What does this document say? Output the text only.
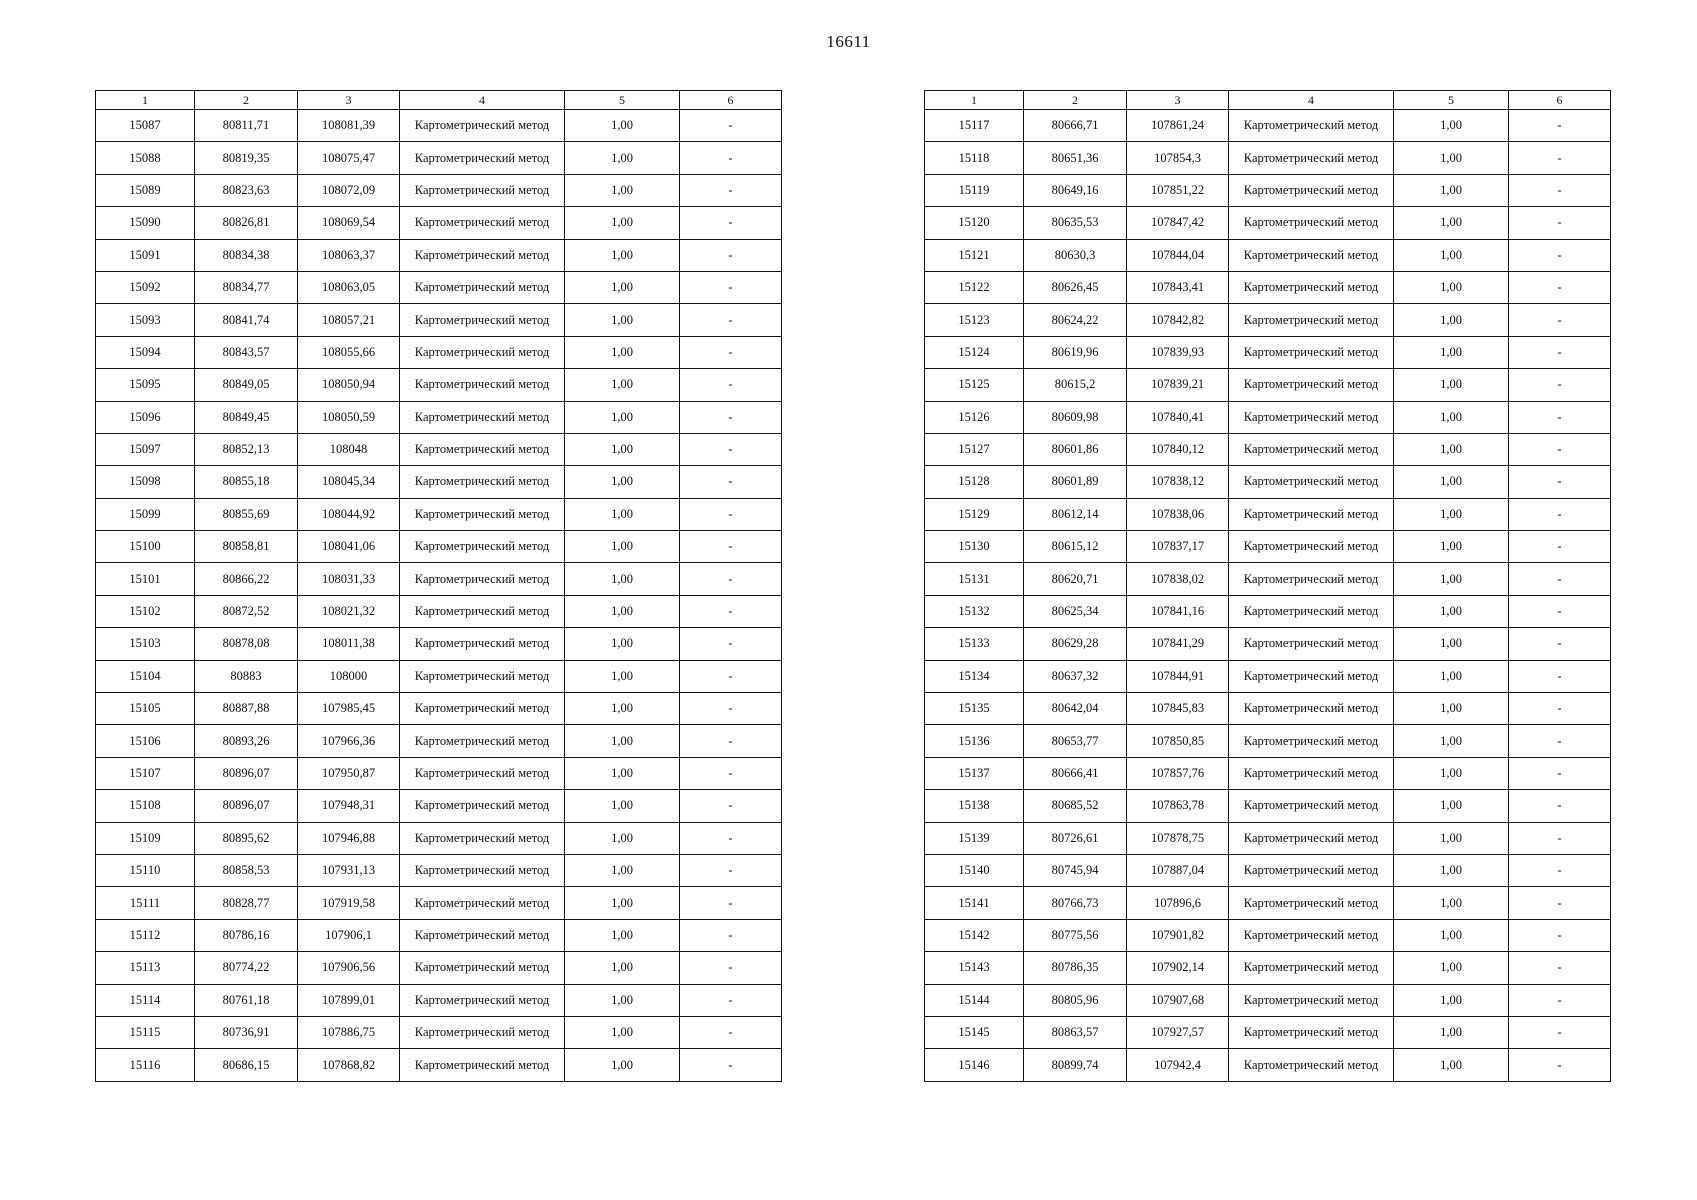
16611
1	2	3	4	5	6
15087	80811,71	108081,39	Картометрический метод	1,00	-
15088	80819,35	108075,47	Картометрический метод	1,00	-
15089	80823,63	108072,09	Картометрический метод	1,00	-
15090	80826,81	108069,54	Картометрический метод	1,00	-
15091	80834,38	108063,37	Картометрический метод	1,00	-
15092	80834,77	108063,05	Картометрический метод	1,00	-
15093	80841,74	108057,21	Картометрический метод	1,00	-
15094	80843,57	108055,66	Картометрический метод	1,00	-
15095	80849,05	108050,94	Картометрический метод	1,00	-
15096	80849,45	108050,59	Картометрический метод	1,00	-
15097	80852,13	108048	Картометрический метод	1,00	-
15098	80855,18	108045,34	Картометрический метод	1,00	-
15099	80855,69	108044,92	Картометрический метод	1,00	-
15100	80858,81	108041,06	Картометрический метод	1,00	-
15101	80866,22	108031,33	Картометрический метод	1,00	-
15102	80872,52	108021,32	Картометрический метод	1,00	-
15103	80878,08	108011,38	Картометрический метод	1,00	-
15104	80883	108000	Картометрический метод	1,00	-
15105	80887,88	107985,45	Картометрический метод	1,00	-
15106	80893,26	107966,36	Картометрический метод	1,00	-
15107	80896,07	107950,87	Картометрический метод	1,00	-
15108	80896,07	107948,31	Картометрический метод	1,00	-
15109	80895,62	107946,88	Картометрический метод	1,00	-
15110	80858,53	107931,13	Картометрический метод	1,00	-
15111	80828,77	107919,58	Картометрический метод	1,00	-
15112	80786,16	107906,1	Картометрический метод	1,00	-
15113	80774,22	107906,56	Картометрический метод	1,00	-
15114	80761,18	107899,01	Картометрический метод	1,00	-
15115	80736,91	107886,75	Картометрический метод	1,00	-
15116	80686,15	107868,82	Картометрический метод	1,00	-
1	2	3	4	5	6
15117	80666,71	107861,24	Картометрический метод	1,00	-
15118	80651,36	107854,3	Картометрический метод	1,00	-
15119	80649,16	107851,22	Картометрический метод	1,00	-
15120	80635,53	107847,42	Картометрический метод	1,00	-
15121	80630,3	107844,04	Картометрический метод	1,00	-
15122	80626,45	107843,41	Картометрический метод	1,00	-
15123	80624,22	107842,82	Картометрический метод	1,00	-
15124	80619,96	107839,93	Картометрический метод	1,00	-
15125	80615,2	107839,21	Картометрический метод	1,00	-
15126	80609,98	107840,41	Картометрический метод	1,00	-
15127	80601,86	107840,12	Картометрический метод	1,00	-
15128	80601,89	107838,12	Картометрический метод	1,00	-
15129	80612,14	107838,06	Картометрический метод	1,00	-
15130	80615,12	107837,17	Картометрический метод	1,00	-
15131	80620,71	107838,02	Картометрический метод	1,00	-
15132	80625,34	107841,16	Картометрический метод	1,00	-
15133	80629,28	107841,29	Картометрический метод	1,00	-
15134	80637,32	107844,91	Картометрический метод	1,00	-
15135	80642,04	107845,83	Картометрический метод	1,00	-
15136	80653,77	107850,85	Картометрический метод	1,00	-
15137	80666,41	107857,76	Картометрический метод	1,00	-
15138	80685,52	107863,78	Картометрический метод	1,00	-
15139	80726,61	107878,75	Картометрический метод	1,00	-
15140	80745,94	107887,04	Картометрический метод	1,00	-
15141	80766,73	107896,6	Картометрический метод	1,00	-
15142	80775,56	107901,82	Картометрический метод	1,00	-
15143	80786,35	107902,14	Картометрический метод	1,00	-
15144	80805,96	107907,68	Картометрический метод	1,00	-
15145	80863,57	107927,57	Картометрический метод	1,00	-
15146	80899,74	107942,4	Картометрический метод	1,00	-
